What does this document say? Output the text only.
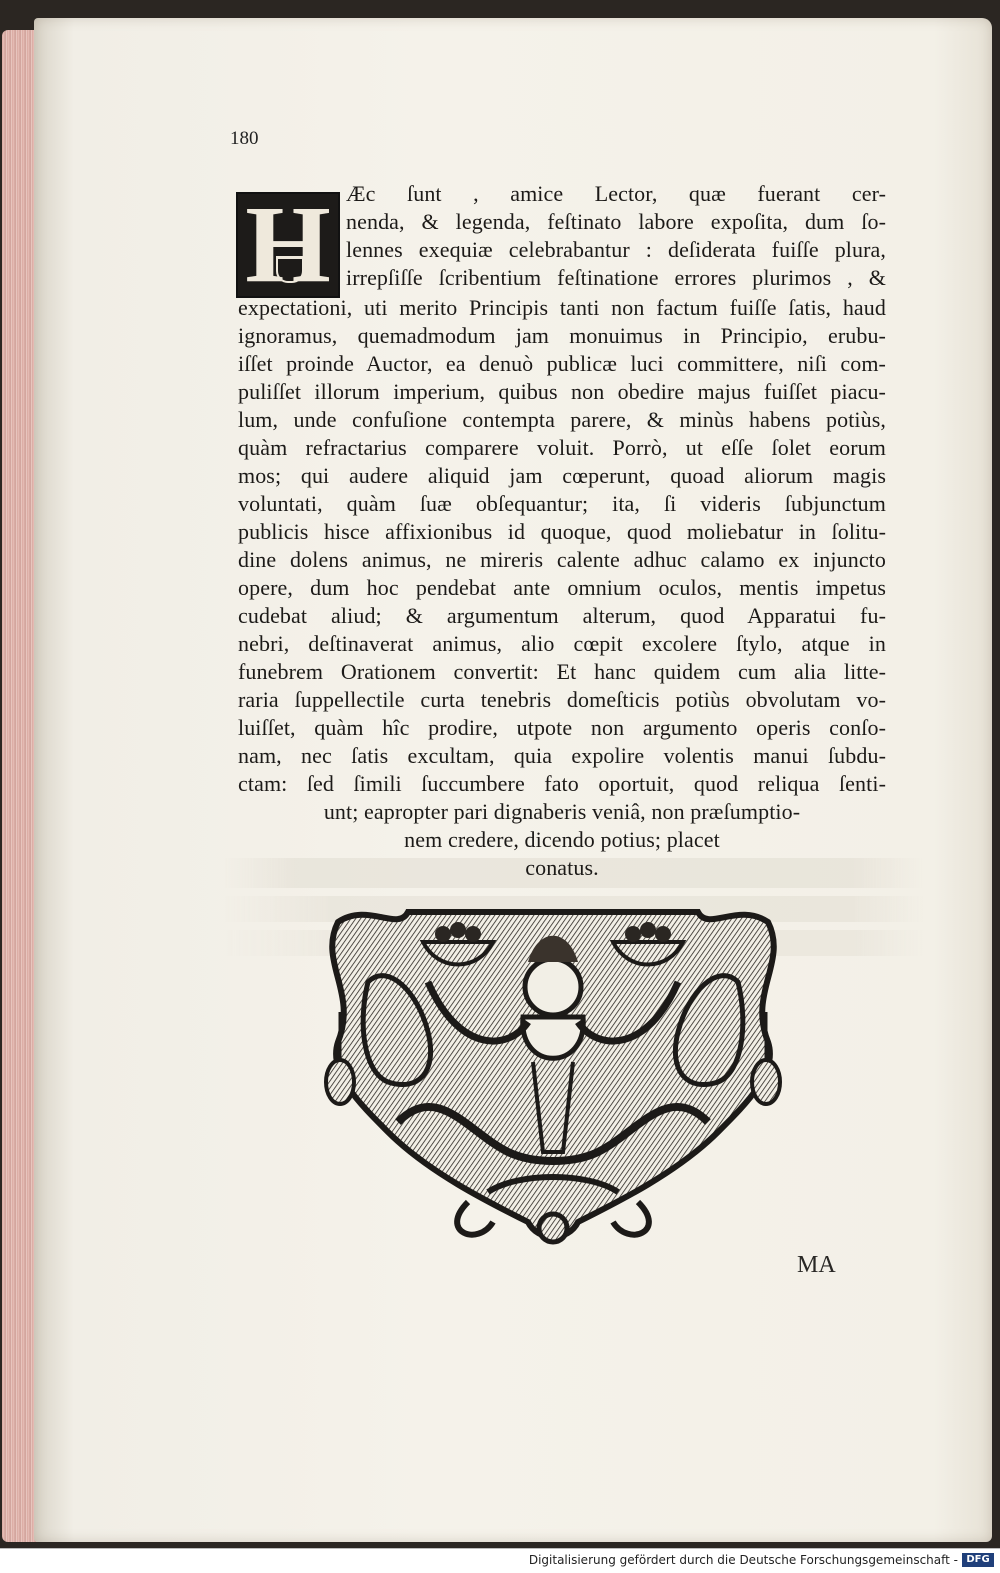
180
H Æc ſunt , amice Lector, quæ fuerant cer-
nenda, & legenda, feſtinato labore expoſita, dum ſo-
lennes exequiæ celebrabantur : deſiderata fuiſſe plura,
irrepſiſſe ſcribentium feſtinatione errores plurimos , &
expectationi, uti merito Principis tanti non factum fuiſſe ſatis, haud
ignoramus, quemadmodum jam monuimus in Principio, erubu-
iſſet proinde Auctor, ea denuò publicæ luci committere, niſi com-
puliſſet illorum imperium, quibus non obedire majus fuiſſet piacu-
lum, unde confuſione contempta parere, & minùs habens potiùs,
quàm refractarius comparere voluit. Porrò, ut eſſe ſolet eorum
mos; qui audere aliquid jam cœperunt, quoad aliorum magis
voluntati, quàm ſuæ obſequantur; ita, ſi videris ſubjunctum
publicis hisce affixionibus id quoque, quod moliebatur in ſolitu-
dine dolens animus, ne mireris calente adhuc calamo ex injuncto
opere, dum hoc pendebat ante omnium oculos, mentis impetus
cudebat aliud; & argumentum alterum, quod Apparatui fu-
nebri, deſtinaverat animus, alio cœpit excolere ſtylo, atque in
funebrem Orationem convertit: Et hanc quidem cum alia litte-
raria ſuppellectile curta tenebris domeſticis potiùs obvolutam vo-
luiſſet, quàm hîc prodire, utpote non argumento operis conſo-
nam, nec ſatis excultam, quia expolire volentis manui ſubdu-
ctam: ſed ſimili ſuccumbere fato oportuit, quod reliqua ſenti-
unt; eapropter pari dignaberis veniâ, non præſumptio-
nem credere, dicendo potius; placet
conatus.
MA
Digitalisierung gefördert durch die Deutsche Forschungsgemeinschaft - DFG
